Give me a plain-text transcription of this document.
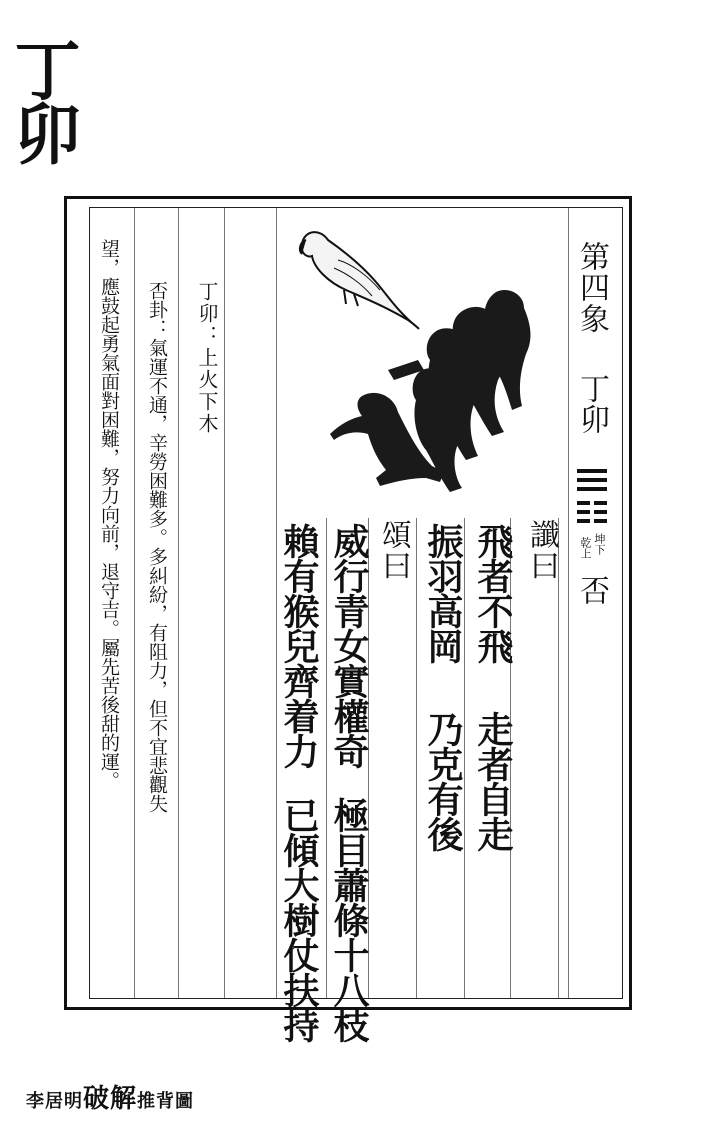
丁卯
第四象
丁卯
坤下
乾上
否
讖曰
飛者不飛
走者自走
振羽高岡
乃克有後
頌曰
威行青女實權奇
極目蕭條十八枝
賴有猴兒齊着力
已傾大樹仗扶持
丁卯：上火下木
否卦：氣運不通，辛勞困難多。多糾紛，有阻力，但不宜悲觀失
望，應鼓起勇氣面對困難，努力向前，退守吉。屬先苦後甜的運。
李居明破解推背圖
